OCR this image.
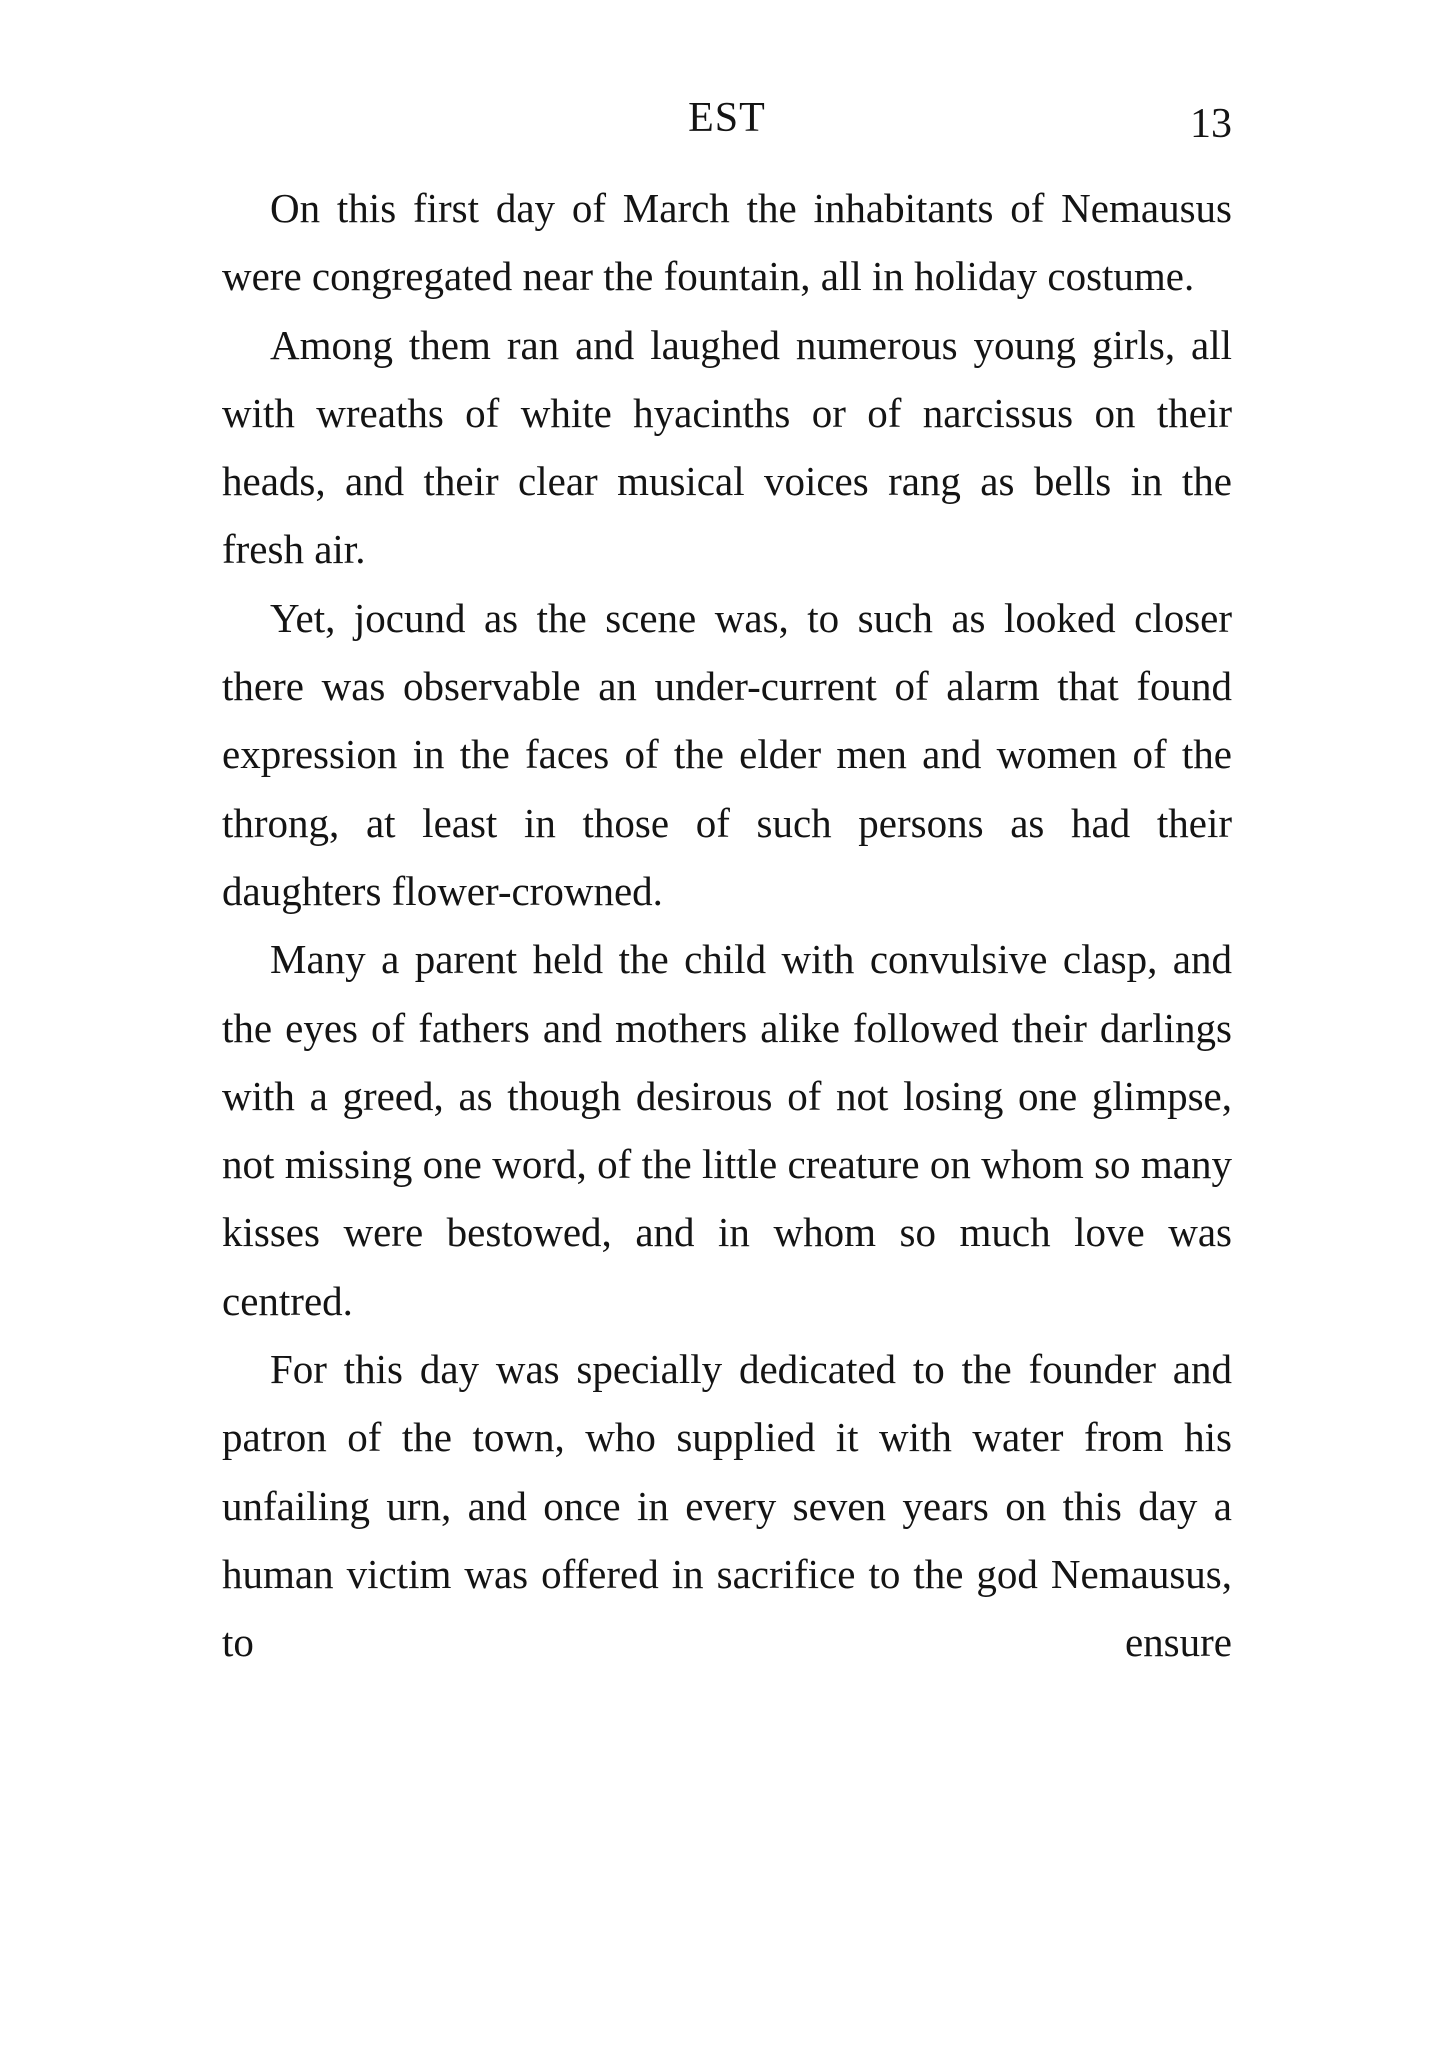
EST	13

On this first day of March the inhabitants of Nemausus were congregated near the fountain, all in holiday costume.

Among them ran and laughed numerous young girls, all with wreaths of white hyacinths or of narcissus on their heads, and their clear musical voices rang as bells in the fresh air.

Yet, jocund as the scene was, to such as looked closer there was observable an under-current of alarm that found expression in the faces of the elder men and women of the throng, at least in those of such persons as had their daughters flower-crowned.

Many a parent held the child with convulsive clasp, and the eyes of fathers and mothers alike followed their darlings with a greed, as though desirous of not losing one glimpse, not missing one word, of the little creature on whom so many kisses were bestowed, and in whom so much love was centred.

For this day was specially dedicated to the founder and patron of the town, who supplied it with water from his unfailing urn, and once in every seven years on this day a human victim was offered in sacrifice to the god Nemausus, to ensure
